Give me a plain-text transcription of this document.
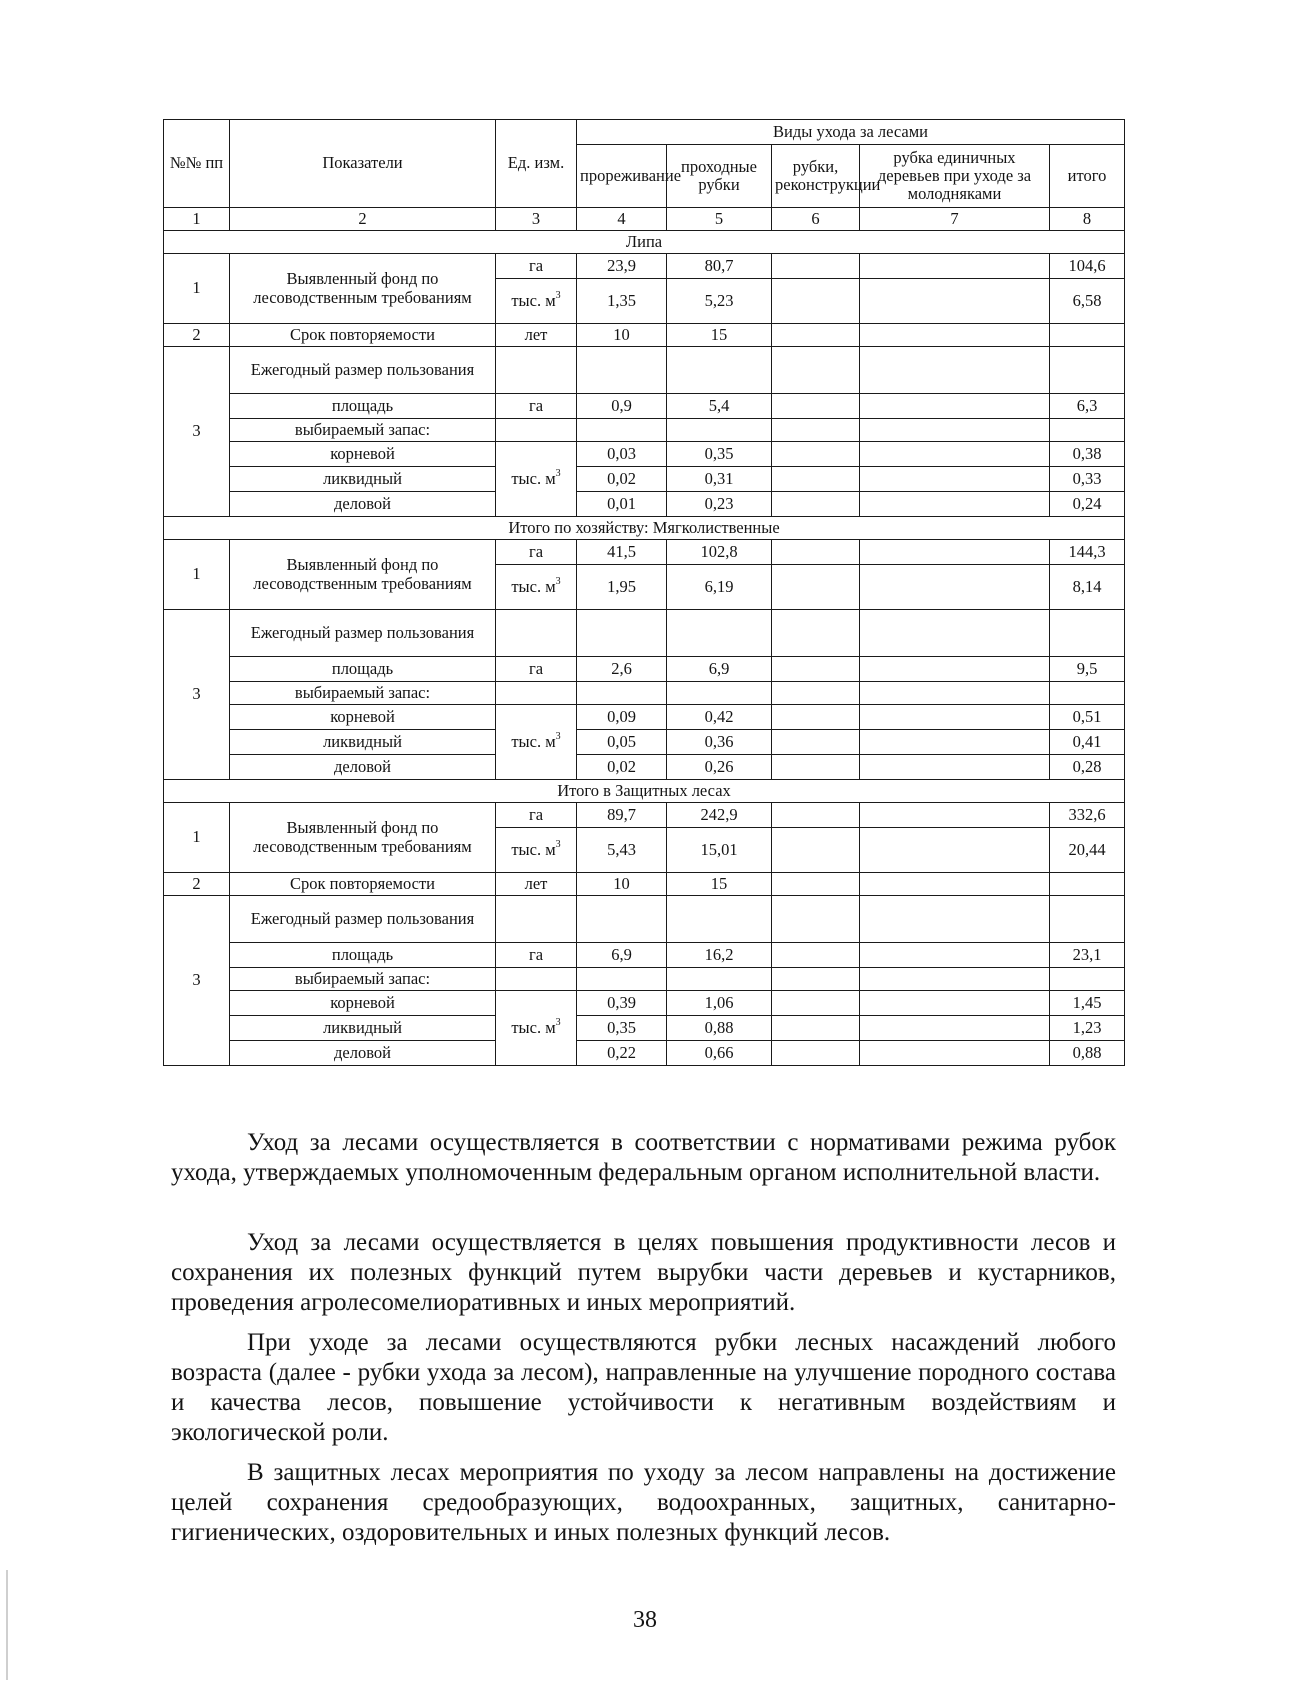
№№ пп	Показатели	Ед. изм.	Виды ухода за лесами				
			прореживание	проходные рубки	рубки, реконструкции	рубка единичных деревьев при уходе за молодняками	итого
1	2	3	4	5	6	7	8
Липа							
1	Выявленный фонд по лесоводственным требованиям	га	23,9	80,7			104,6
		тыс. $м^3$	1,35	5,23			6,58
2	Срок повторяемости	лет	10	15			
3	Ежегодный размер пользования						
	площадь	га	0,9	5,4			6,3
	выбираемый запас:						
	корневой	тыс. $м^3$	0,03	0,35			0,38
	ликвидный		0,02	0,31			0,33
	деловой		0,01	0,23			0,24
Итого по хозяйству: Мягколиственные							
1	Выявленный фонд по лесоводственным требованиям	га	41,5	102,8			144,3
		тыс. $м^3$	1,95	6,19			8,14
3	Ежегодный размер пользования						
	площадь	га	2,6	6,9			9,5
	выбираемый запас:						
	корневой	тыс. $м^3$	0,09	0,42			0,51
	ликвидный		0,05	0,36			0,41
	деловой		0,02	0,26			0,28
Итого в Защитных лесах							
1	Выявленный фонд по лесоводственным требованиям	га	89,7	242,9			332,6
		тыс. $м^3$	5,43	15,01			20,44
2	Срок повторяемости	лет	10	15			
3	Ежегодный размер пользования						
	площадь	га	6,9	16,2			23,1
	выбираемый запас:						
	корневой	тыс. $м^3$	0,39	1,06			1,45
	ликвидный		0,35	0,88			1,23
	деловой		0,22	0,66			0,88

Уход за лесами осуществляется в соответствии с нормативами режима рубок ухода, утверждаемых уполномоченным федеральным органом исполнительной власти.

Уход за лесами осуществляется в целях повышения продуктивности лесов и сохранения их полезных функций путем вырубки части деревьев и кустарников, проведения агролесомелиоративных и иных мероприятий.

При уходе за лесами осуществляются рубки лесных насаждений любого возраста (далее - рубки ухода за лесом), направленные на улучшение породного состава и качества лесов, повышение устойчивости к негативным воздействиям и экологической роли.

В защитных лесах мероприятия по уходу за лесом направлены на достижение целей сохранения средообразующих, водоохранных, защитных, санитарно-гигиенических, оздоровительных и иных полезных функций лесов.

38
